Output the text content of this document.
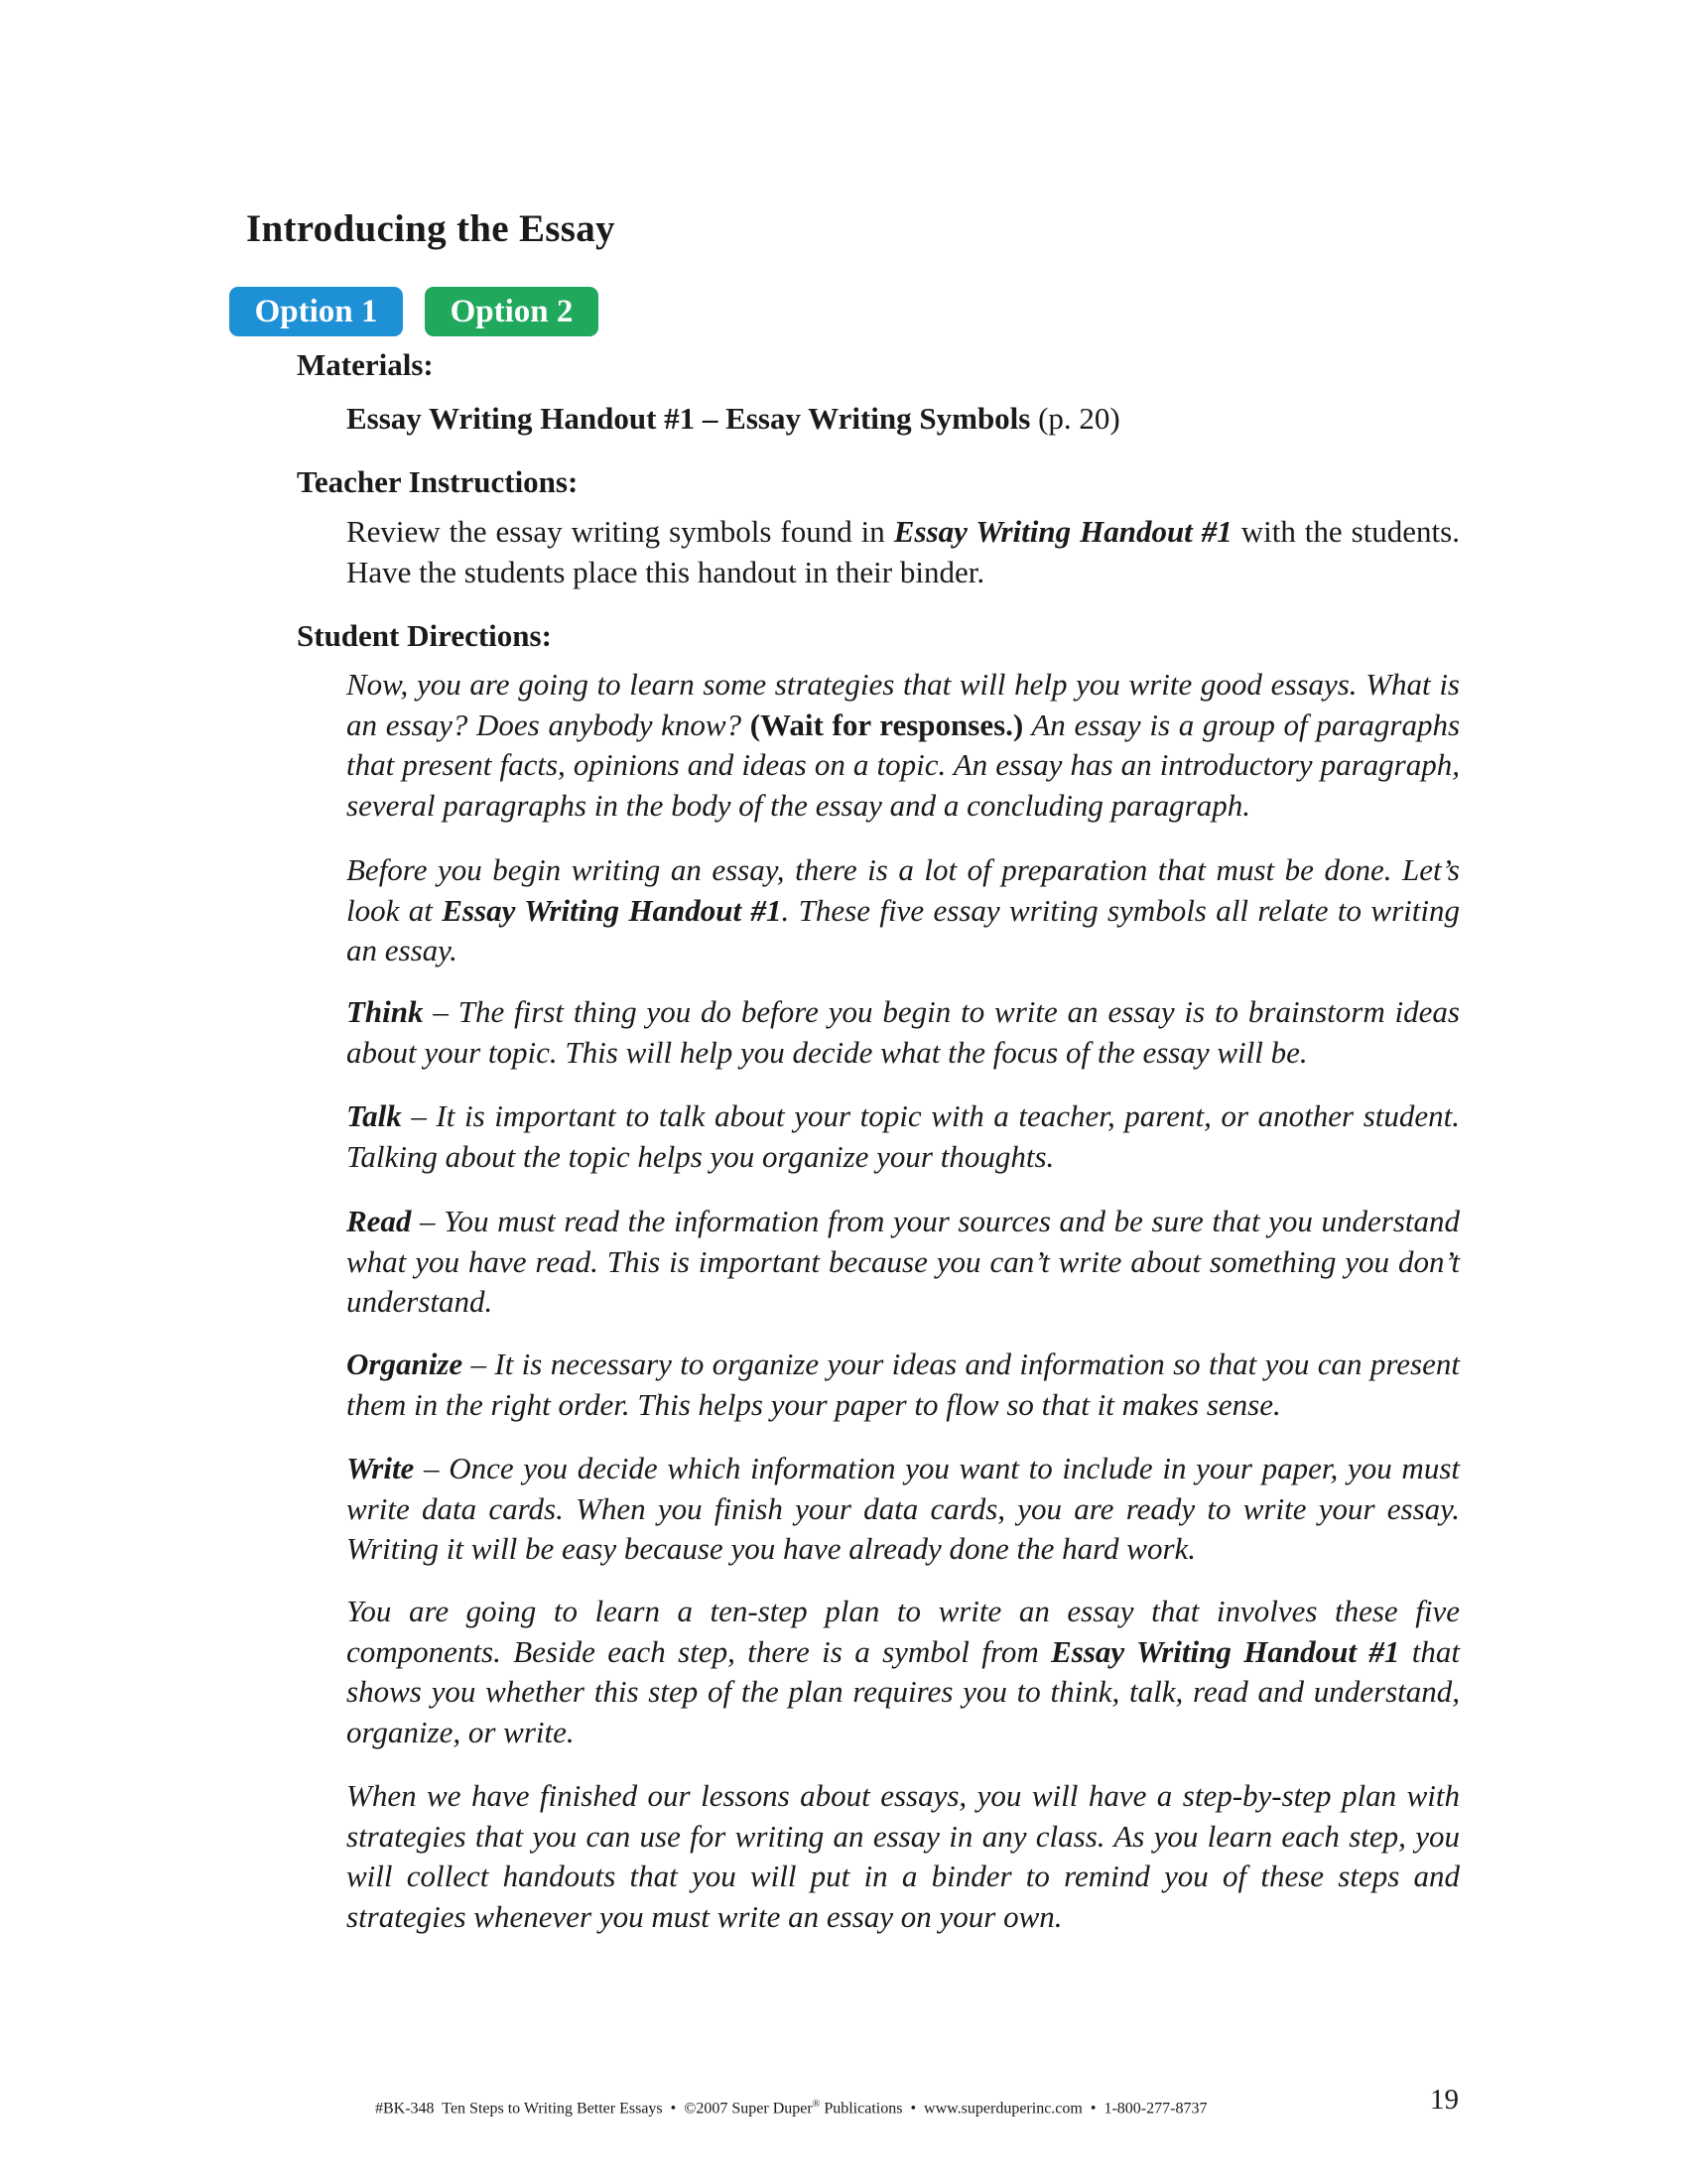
Introducing the Essay
Option 1	Option 2
Materials:
Essay Writing Handout #1 – Essay Writing Symbols (p. 20)
Teacher Instructions:

Review the essay writing symbols found in Essay Writing Handout #1 with the students. Have the students place this handout in their binder.

Student Directions:

Now, you are going to learn some strategies that will help you write good essays. What is an essay? Does anybody know? (Wait for responses.) An essay is a group of paragraphs that present facts, opinions and ideas on a topic. An essay has an introductory paragraph, several paragraphs in the body of the essay and a concluding paragraph.

Before you begin writing an essay, there is a lot of preparation that must be done. Let’s look at Essay Writing Handout #1. These five essay writing symbols all relate to writing an essay.

Think – The first thing you do before you begin to write an essay is to brainstorm ideas about your topic. This will help you decide what the focus of the essay will be.

Talk – It is important to talk about your topic with a teacher, parent, or another student. Talking about the topic helps you organize your thoughts.

Read – You must read the information from your sources and be sure that you understand what you have read. This is important because you can’t write about something you don’t understand.

Organize – It is necessary to organize your ideas and information so that you can present them in the right order. This helps your paper to flow so that it makes sense.

Write – Once you decide which information you want to include in your paper, you must write data cards. When you finish your data cards, you are ready to write your essay. Writing it will be easy because you have already done the hard work.

You are going to learn a ten-step plan to write an essay that involves these five components. Beside each step, there is a symbol from Essay Writing Handout #1 that shows you whether this step of the plan requires you to think, talk, read and understand, organize, or write.

When we have finished our lessons about essays, you will have a step-by-step plan with strategies that you can use for writing an essay in any class. As you learn each step, you will collect handouts that you will put in a binder to remind you of these steps and strategies whenever you must write an essay on your own.

#BK-348 Ten Steps to Writing Better Essays • ©2007 Super Duper® Publications • www.superduperinc.com • 1-800-277-8737	19
